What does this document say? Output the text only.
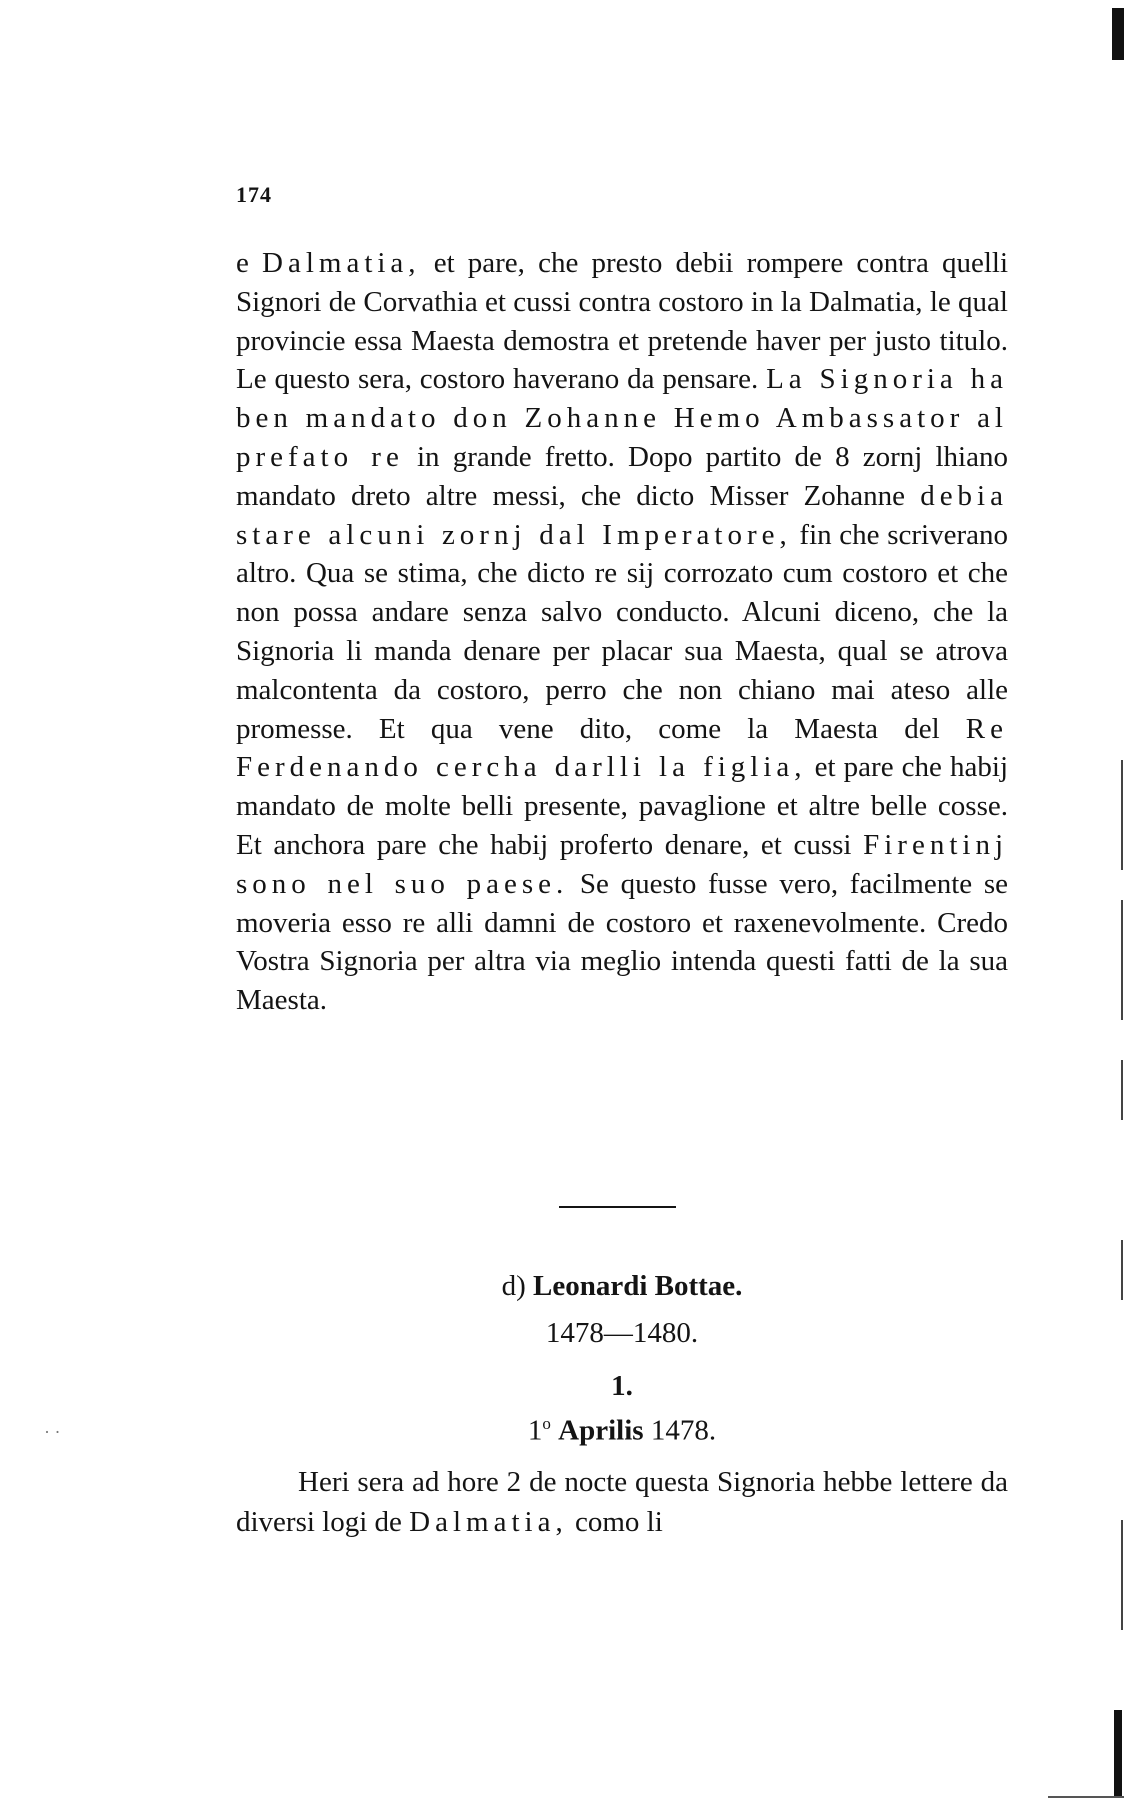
· ·
174

e Dalmatia, et pare, che presto debii rompere contra quelli Signori de Corvathia et cussi contra costoro in la Dalmatia, le qual provincie essa Maesta demostra et pretende haver per justo titulo. Le questo sera, costoro haverano da pensare. La Signoria ha ben mandato don Zohanne Hemo Ambassator al prefato re in grande fretto. Dopo partito de 8 zornj lhiano mandato dreto altre messi, che dicto Misser Zohanne debia stare alcuni zornj dal Imperatore, fin che scriverano altro. Qua se stima, che dicto re sij corrozato cum costoro et che non possa andare senza salvo conducto. Alcuni diceno, che la Signoria li manda denare per placar sua Maesta, qual se atrova malcontenta da costoro, perro che non chiano mai ateso alle promesse. Et qua vene dito, come la Maesta del Re Ferdenando cercha darlli la figlia, et pare che habij mandato de molte belli presente, pavaglione et altre belle cosse. Et anchora pare che habij proferto denare, et cussi Firentinj sono nel suo paese. Se questo fusse vero, facilmente se moveria esso re alli damni de costoro et raxenevolmente. Credo Vostra Signoria per altra via meglio intenda questi fatti de la sua Maesta.

d) Leonardi Bottae.
1478—1480.
1.
1$^o$ Aprilis 1478.

Heri sera ad hore 2 de nocte questa Signoria hebbe lettere da diversi logi de Dalmatia, como li
